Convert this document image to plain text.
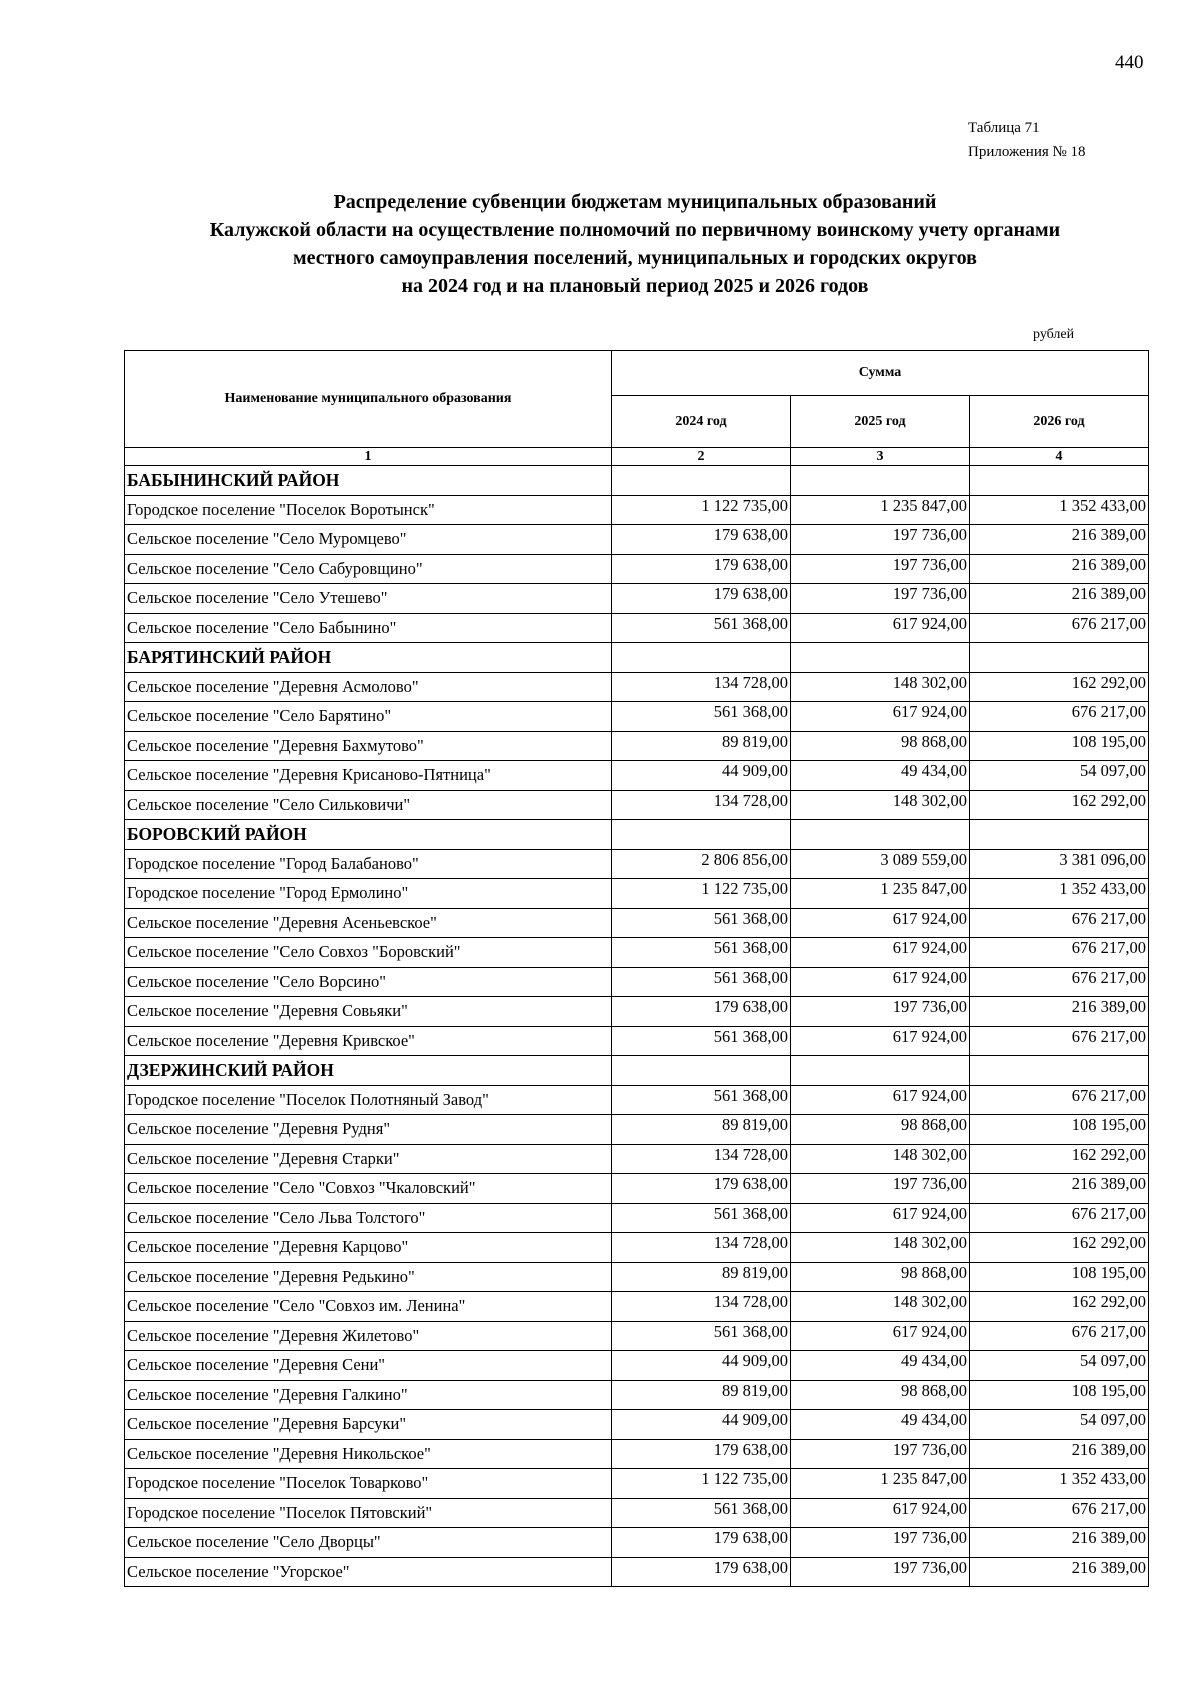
440
Таблица 71
Приложения № 18
Распределение субвенции бюджетам муниципальных образований
Калужской области на осуществление полномочий по первичному воинскому учету органами
местного самоуправления поселений, муниципальных и городских округов
на 2024 год и на плановый период 2025 и 2026 годов
рублей
Наименование муниципального образования	Сумма		
	2024 год	2025 год	2026 год
1	2	3	4
БАБЫНИНСКИЙ РАЙОН			
Городское поселение "Поселок Воротынск"	1 122 735,00	1 235 847,00	1 352 433,00
Сельское поселение "Село Муромцево"	179 638,00	197 736,00	216 389,00
Сельское поселение "Село Сабуровщино"	179 638,00	197 736,00	216 389,00
Сельское поселение "Село Утешево"	179 638,00	197 736,00	216 389,00
Сельское поселение "Село Бабынино"	561 368,00	617 924,00	676 217,00
БАРЯТИНСКИЙ РАЙОН			
Сельское поселение "Деревня Асмолово"	134 728,00	148 302,00	162 292,00
Сельское поселение "Село Барятино"	561 368,00	617 924,00	676 217,00
Сельское поселение "Деревня Бахмутово"	89 819,00	98 868,00	108 195,00
Сельское поселение "Деревня Крисаново-Пятница"	44 909,00	49 434,00	54 097,00
Сельское поселение "Село Сильковичи"	134 728,00	148 302,00	162 292,00
БОРОВСКИЙ РАЙОН			
Городское поселение "Город Балабаново"	2 806 856,00	3 089 559,00	3 381 096,00
Городское поселение "Город Ермолино"	1 122 735,00	1 235 847,00	1 352 433,00
Сельское поселение "Деревня Асеньевское"	561 368,00	617 924,00	676 217,00
Сельское поселение "Село Совхоз "Боровский"	561 368,00	617 924,00	676 217,00
Сельское поселение "Село Ворсино"	561 368,00	617 924,00	676 217,00
Сельское поселение "Деревня Совьяки"	179 638,00	197 736,00	216 389,00
Сельское поселение "Деревня Кривское"	561 368,00	617 924,00	676 217,00
ДЗЕРЖИНСКИЙ РАЙОН			
Городское поселение "Поселок Полотняный Завод"	561 368,00	617 924,00	676 217,00
Сельское поселение "Деревня Рудня"	89 819,00	98 868,00	108 195,00
Сельское поселение "Деревня Старки"	134 728,00	148 302,00	162 292,00
Сельское поселение "Село "Совхоз "Чкаловский"	179 638,00	197 736,00	216 389,00
Сельское поселение "Село Льва Толстого"	561 368,00	617 924,00	676 217,00
Сельское поселение "Деревня Карцово"	134 728,00	148 302,00	162 292,00
Сельское поселение "Деревня Редькино"	89 819,00	98 868,00	108 195,00
Сельское поселение "Село "Совхоз им. Ленина"	134 728,00	148 302,00	162 292,00
Сельское поселение "Деревня Жилетово"	561 368,00	617 924,00	676 217,00
Сельское поселение "Деревня Сени"	44 909,00	49 434,00	54 097,00
Сельское поселение "Деревня Галкино"	89 819,00	98 868,00	108 195,00
Сельское поселение "Деревня Барсуки"	44 909,00	49 434,00	54 097,00
Сельское поселение "Деревня Никольское"	179 638,00	197 736,00	216 389,00
Городское поселение "Поселок Товарково"	1 122 735,00	1 235 847,00	1 352 433,00
Городское поселение "Поселок Пятовский"	561 368,00	617 924,00	676 217,00
Сельское поселение "Село Дворцы"	179 638,00	197 736,00	216 389,00
Сельское поселение "Угорское"	179 638,00	197 736,00	216 389,00
